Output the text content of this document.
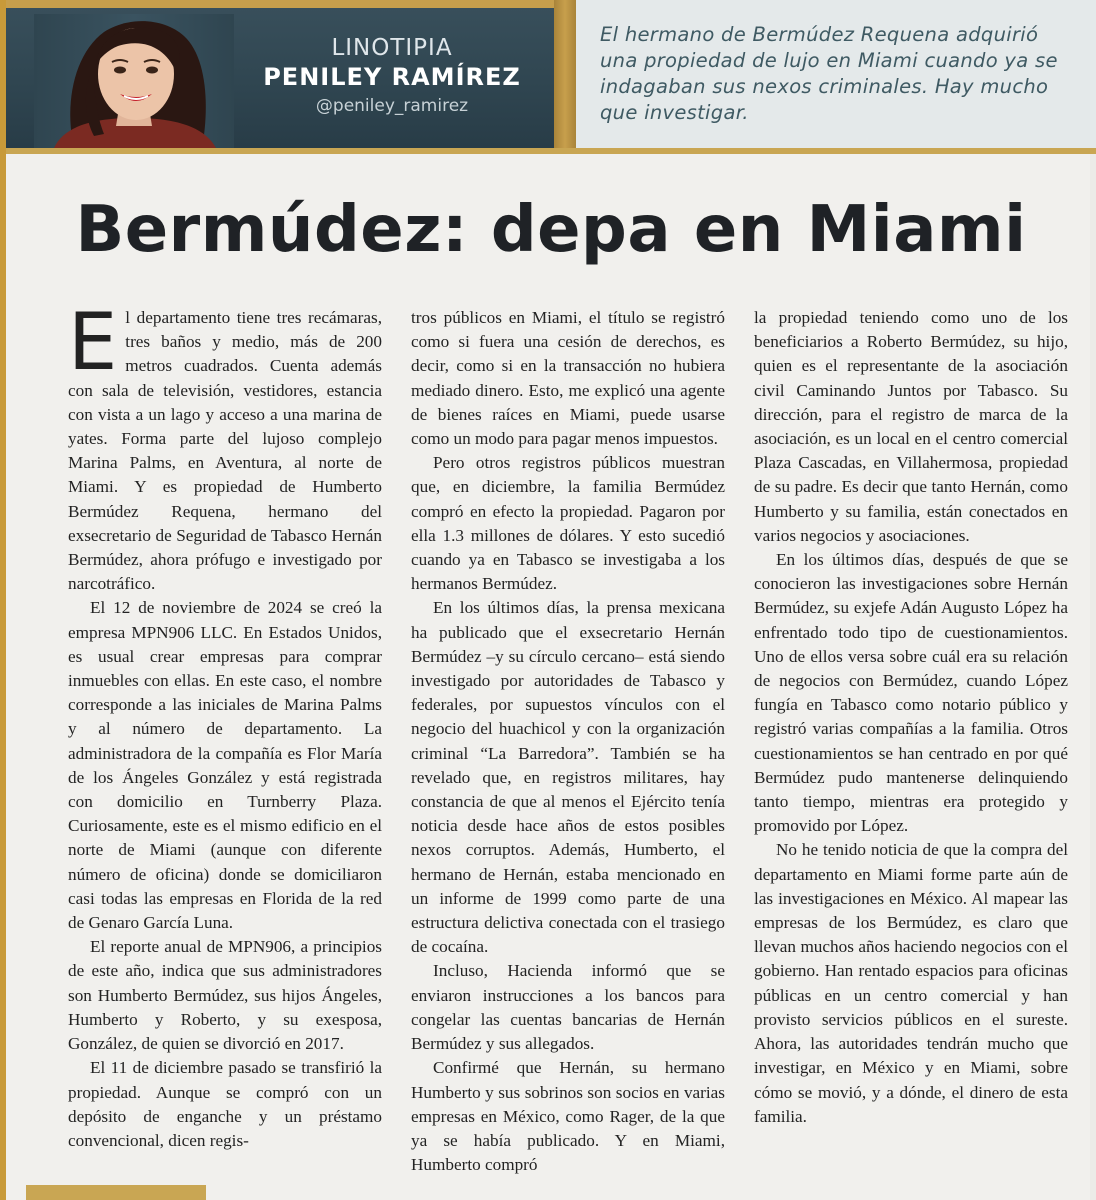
LINOTIPIA
PENILEY RAMÍREZ
@peniley_ramirez

El hermano de Bermúdez Requena adquirió una propiedad de lujo en Miami cuando ya se indagaban sus nexos criminales. Hay mucho que investigar.

Bermúdez: depa en Miami

El departamento tiene tres recámaras, tres baños y medio, más de 200 metros cuadrados. Cuenta además con sala de televisión, vestidores, estancia con vista a un lago y acceso a una marina de yates. Forma parte del lujoso complejo Marina Palms, en Aventura, al norte de Miami. Y es propiedad de Humberto Bermúdez Requena, hermano del exsecretario de Seguridad de Tabasco Hernán Bermúdez, ahora prófugo e investigado por narcotráfico.

El 12 de noviembre de 2024 se creó la empresa MPN906 LLC. En Estados Unidos, es usual crear empresas para comprar inmuebles con ellas. En este caso, el nombre corresponde a las iniciales de Marina Palms y al número de departamento. La administradora de la compañía es Flor María de los Ángeles González y está registrada con domicilio en Turnberry Plaza. Curiosamente, este es el mismo edificio en el norte de Miami (aunque con diferente número de oficina) donde se domiciliaron casi todas las empresas en Florida de la red de Genaro García Luna.

El reporte anual de MPN906, a principios de este año, indica que sus administradores son Humberto Bermúdez, sus hijos Ángeles, Humberto y Roberto, y su exesposa, González, de quien se divorció en 2017.

El 11 de diciembre pasado se transfirió la propiedad. Aunque se compró con un depósito de enganche y un préstamo convencional, dicen regis-

tros públicos en Miami, el título se registró como si fuera una cesión de derechos, es decir, como si en la transacción no hubiera mediado dinero. Esto, me explicó una agente de bienes raíces en Miami, puede usarse como un modo para pagar menos impuestos.

Pero otros registros públicos muestran que, en diciembre, la familia Bermúdez compró en efecto la propiedad. Pagaron por ella 1.3 millones de dólares. Y esto sucedió cuando ya en Tabasco se investigaba a los hermanos Bermúdez.

En los últimos días, la prensa mexicana ha publicado que el exsecretario Hernán Bermúdez –y su círculo cercano– está siendo investigado por autoridades de Tabasco y federales, por supuestos vínculos con el negocio del huachicol y con la organización criminal “La Barredora”. También se ha revelado que, en registros militares, hay constancia de que al menos el Ejército tenía noticia desde hace años de estos posibles nexos corruptos. Además, Humberto, el hermano de Hernán, estaba mencionado en un informe de 1999 como parte de una estructura delictiva conectada con el trasiego de cocaína.

Incluso, Hacienda informó que se enviaron instrucciones a los bancos para congelar las cuentas bancarias de Hernán Bermúdez y sus allegados.

Confirmé que Hernán, su hermano Humberto y sus sobrinos son socios en varias empresas en México, como Rager, de la que ya se había publicado. Y en Miami, Humberto compró

la propiedad teniendo como uno de los beneficiarios a Roberto Bermúdez, su hijo, quien es el representante de la asociación civil Caminando Juntos por Tabasco. Su dirección, para el registro de marca de la asociación, es un local en el centro comercial Plaza Cascadas, en Villahermosa, propiedad de su padre. Es decir que tanto Hernán, como Humberto y su familia, están conectados en varios negocios y asociaciones.

En los últimos días, después de que se conocieron las investigaciones sobre Hernán Bermúdez, su exjefe Adán Augusto López ha enfrentado todo tipo de cuestionamientos. Uno de ellos versa sobre cuál era su relación de negocios con Bermúdez, cuando López fungía en Tabasco como notario público y registró varias compañías a la familia. Otros cuestionamientos se han centrado en por qué Bermúdez pudo mantenerse delinquiendo tanto tiempo, mientras era protegido y promovido por López.

No he tenido noticia de que la compra del departamento en Miami forme parte aún de las investigaciones en México. Al mapear las empresas de los Bermúdez, es claro que llevan muchos años haciendo negocios con el gobierno. Han rentado espacios para oficinas públicas en un centro comercial y han provisto servicios públicos en el sureste. Ahora, las autoridades tendrán mucho que investigar, en México y en Miami, sobre cómo se movió, y a dónde, el dinero de esta familia.
